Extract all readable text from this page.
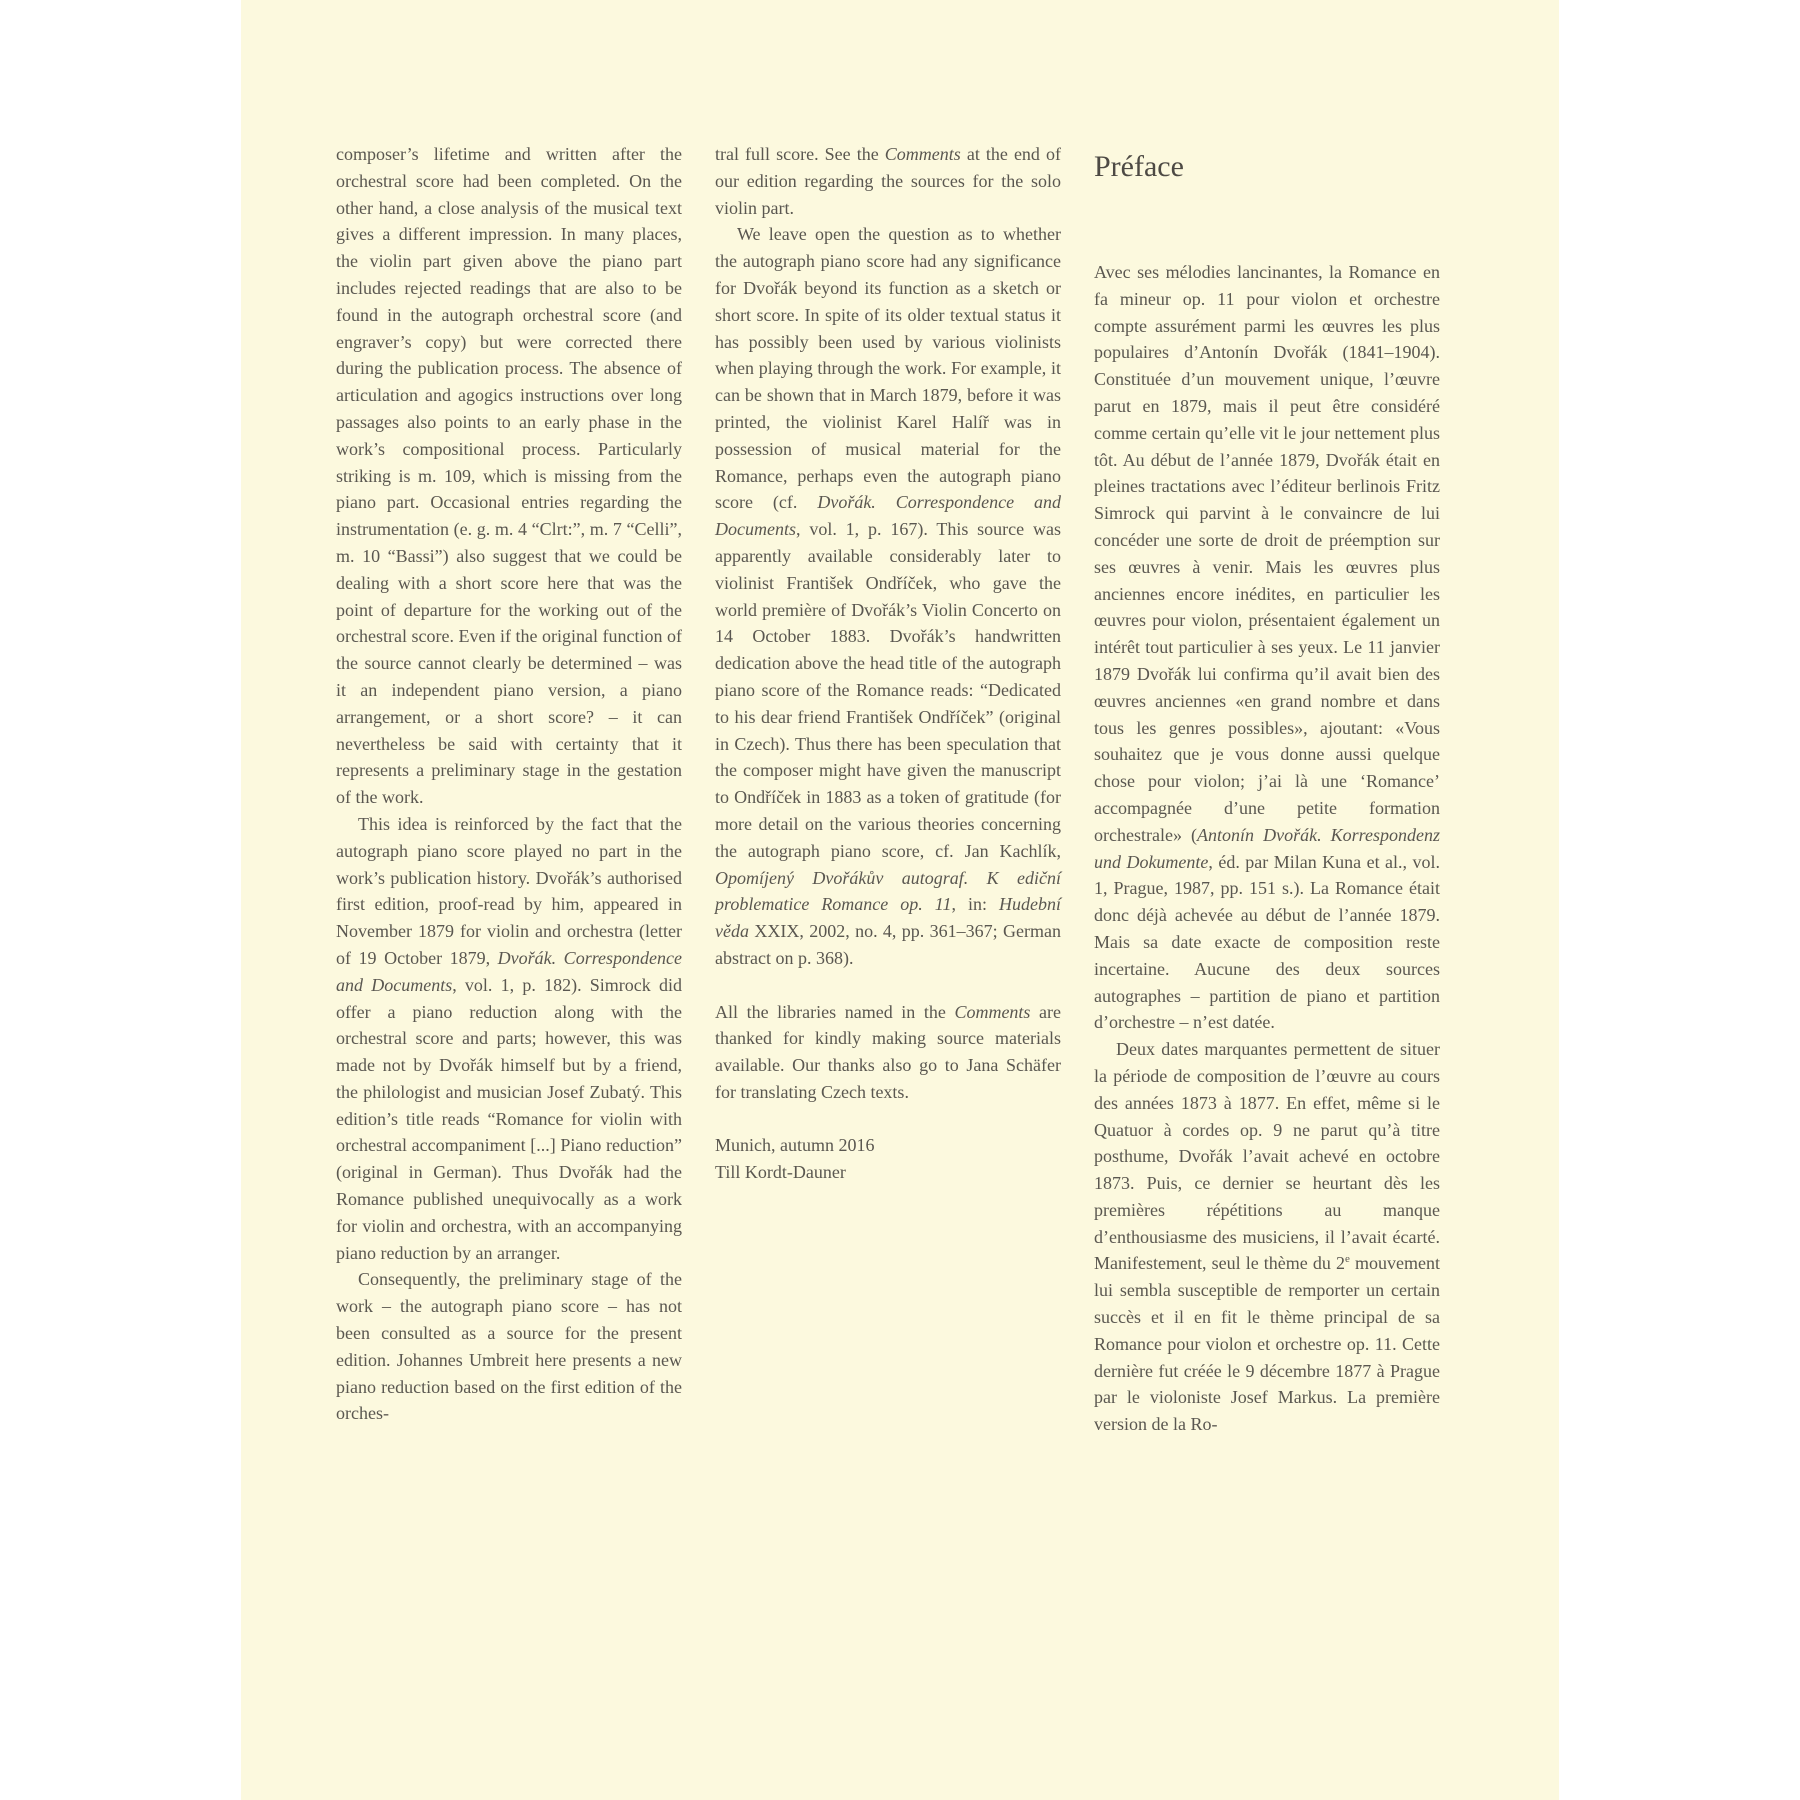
composer’s lifetime and written after the orchestral score had been completed. On the other hand, a close analysis of the musical text gives a different impression. In many places, the violin part given above the piano part includes rejected readings that are also to be found in the autograph orchestral score (and engraver’s copy) but were corrected there during the publication process. The absence of articulation and agogics instructions over long passages also points to an early phase in the work’s compositional process. Particularly striking is m. 109, which is missing from the piano part. Occasional entries regarding the instrumentation (e. g. m. 4 “Clrt:”, m. 7 “Celli”, m. 10 “Bassi”) also suggest that we could be dealing with a short score here that was the point of departure for the working out of the orchestral score. Even if the original function of the source cannot clearly be determined – was it an independent piano version, a piano arrangement, or a short score? – it can nevertheless be said with certainty that it represents a preliminary stage in the gestation of the work.

This idea is reinforced by the fact that the autograph piano score played no part in the work’s publication history. Dvořák’s authorised first edition, proof-read by him, appeared in November 1879 for violin and orchestra (letter of 19 October 1879, Dvořák. Correspondence and Documents, vol. 1, p. 182). Simrock did offer a piano reduction along with the orchestral score and parts; however, this was made not by Dvořák himself but by a friend, the philologist and musician Josef Zubatý. This edition’s title reads “Romance for violin with orchestral accompaniment [...] Piano reduction” (original in German). Thus Dvořák had the Romance published unequivocally as a work for violin and orchestra, with an accompanying piano reduction by an arranger.

Consequently, the preliminary stage of the work – the autograph piano score – has not been consulted as a source for the present edition. Johannes Umbreit here presents a new piano reduction based on the first edition of the orches-

tral full score. See the Comments at the end of our edition regarding the sources for the solo violin part.

We leave open the question as to whether the autograph piano score had any significance for Dvořák beyond its function as a sketch or short score. In spite of its older textual status it has possibly been used by various violinists when playing through the work. For example, it can be shown that in March 1879, before it was printed, the violinist Karel Halíř was in possession of musical material for the Romance, perhaps even the autograph piano score (cf. Dvořák. Correspondence and Documents, vol. 1, p. 167). This source was apparently available considerably later to violinist František Ondříček, who gave the world première of Dvořák’s Violin Concerto on 14 October 1883. Dvořák’s handwritten dedication above the head title of the autograph piano score of the Romance reads: “Dedicated to his dear friend František Ondříček” (original in Czech). Thus there has been speculation that the composer might have given the manuscript to Ondříček in 1883 as a token of gratitude (for more detail on the various theories concerning the autograph piano score, cf. Jan Kachlík, Opomíjený Dvořákův autograf. K ediční problematice Romance op. 11, in: Hudební věda XXIX, 2002, no. 4, pp. 361–367; German abstract on p. 368).

All the libraries named in the Comments are thanked for kindly making source materials available. Our thanks also go to Jana Schäfer for translating Czech texts.

Munich, autumn 2016

Till Kordt-Dauner

Préface

Avec ses mélodies lancinantes, la Romance en fa mineur op. 11 pour violon et orchestre compte assurément parmi les œuvres les plus populaires d’Antonín Dvořák (1841–1904). Constituée d’un mouvement unique, l’œuvre parut en 1879, mais il peut être considéré comme certain qu’elle vit le jour nettement plus tôt. Au début de l’année 1879, Dvořák était en pleines tractations avec l’éditeur berlinois Fritz Simrock qui parvint à le convaincre de lui concéder une sorte de droit de préemption sur ses œuvres à venir. Mais les œuvres plus anciennes encore inédites, en particulier les œuvres pour violon, présentaient également un intérêt tout particulier à ses yeux. Le 11 janvier 1879 Dvořák lui confirma qu’il avait bien des œuvres anciennes «en grand nombre et dans tous les genres possibles», ajoutant: «Vous souhaitez que je vous donne aussi quelque chose pour violon; j’ai là une ‘Romance’ accompagnée d’une petite formation orchestrale» (Antonín Dvořák. Korrespondenz und Dokumente, éd. par Milan Kuna et al., vol. 1, Prague, 1987, pp. 151 s.). La Romance était donc déjà achevée au début de l’année 1879. Mais sa date exacte de composition reste incertaine. Aucune des deux sources autographes – partition de piano et partition d’orchestre – n’est datée.

Deux dates marquantes permettent de situer la période de composition de l’œuvre au cours des années 1873 à 1877. En effet, même si le Quatuor à cordes op. 9 ne parut qu’à titre posthume, Dvořák l’avait achevé en octobre 1873. Puis, ce dernier se heurtant dès les premières répétitions au manque d’enthousiasme des musiciens, il l’avait écarté. Manifestement, seul le thème du 2e mouvement lui sembla susceptible de remporter un certain succès et il en fit le thème principal de sa Romance pour violon et orchestre op. 11. Cette dernière fut créée le 9 décembre 1877 à Prague par le violoniste Josef Markus. La première version de la Ro-
